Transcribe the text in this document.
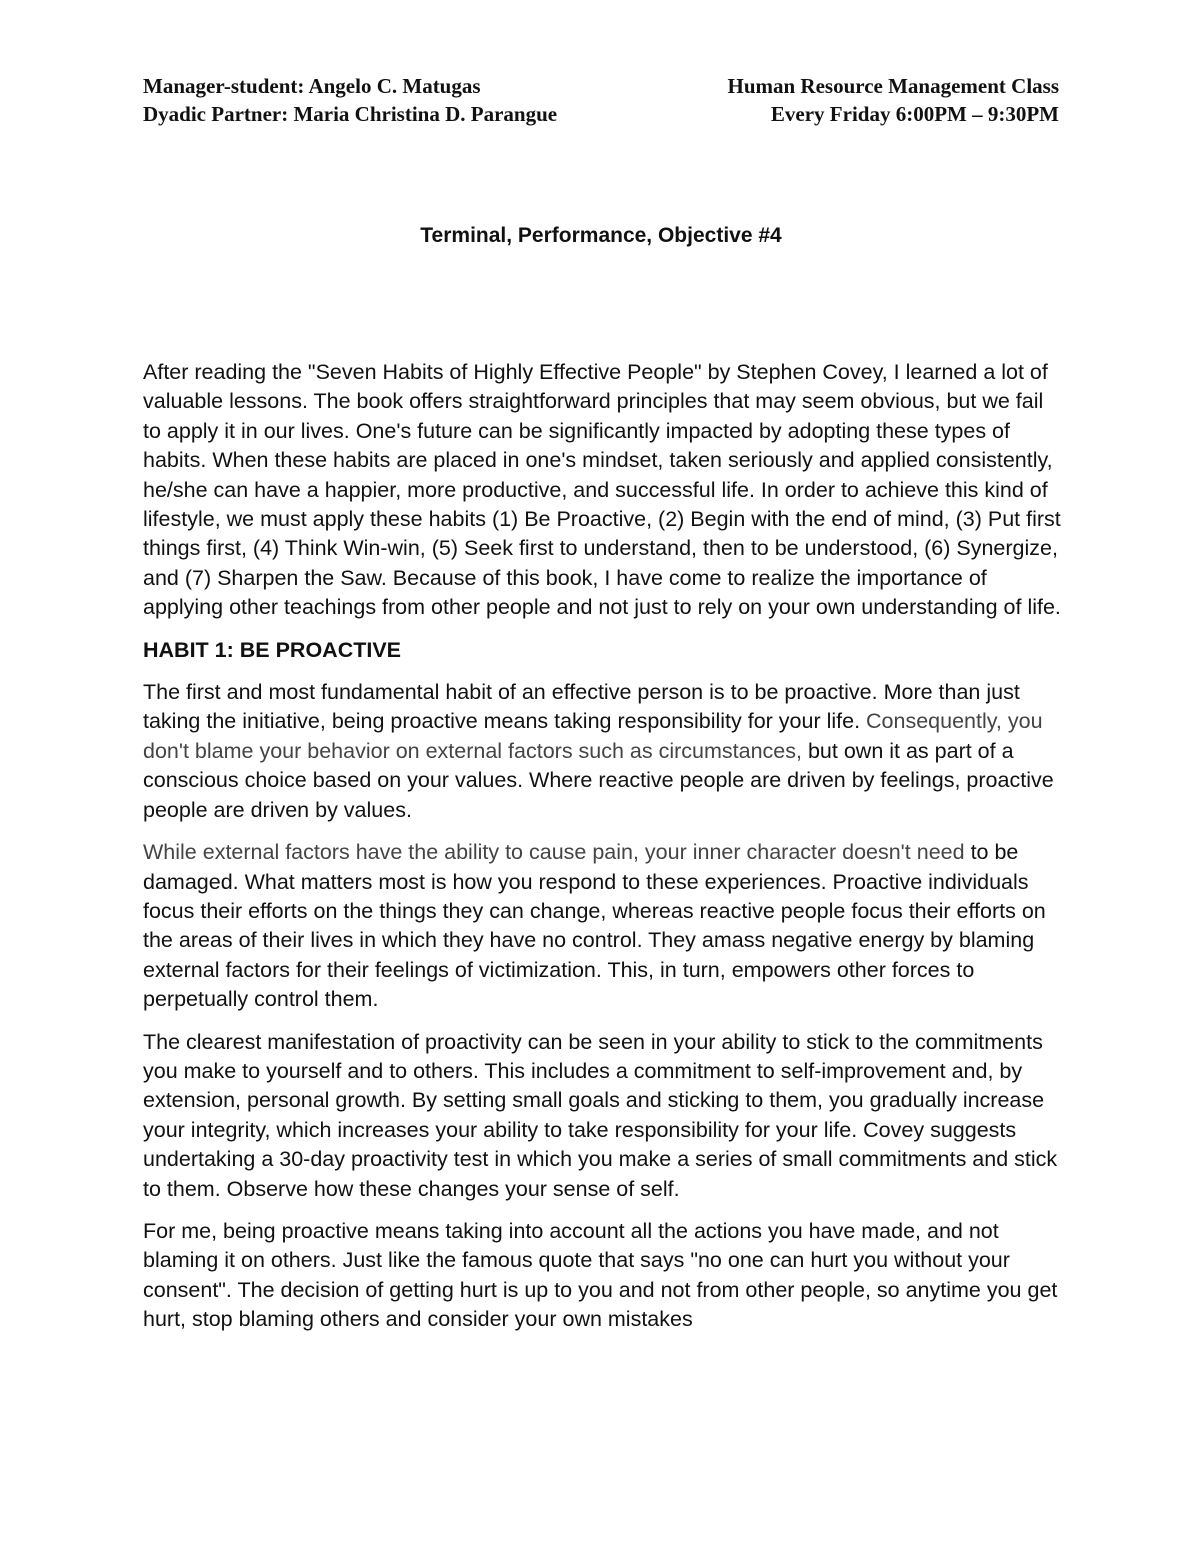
Manager-student: Angelo C. Matugas	Human Resource Management Class
Dyadic Partner: Maria Christina D. Parangue	Every Friday 6:00PM – 9:30PM
Terminal, Performance, Objective #4

After reading the "Seven Habits of Highly Effective People" by Stephen Covey, I learned a lot of valuable lessons. The book offers straightforward principles that may seem obvious, but we fail to apply it in our lives. One's future can be significantly impacted by adopting these types of habits. When these habits are placed in one's mindset, taken seriously and applied consistently, he/she can have a happier, more productive, and successful life. In order to achieve this kind of lifestyle, we must apply these habits (1) Be Proactive, (2) Begin with the end of mind, (3) Put first things first, (4) Think Win-win, (5) Seek first to understand, then to be understood, (6) Synergize, and (7) Sharpen the Saw. Because of this book, I have come to realize the importance of applying other teachings from other people and not just to rely on your own understanding of life.

HABIT 1: BE PROACTIVE

The first and most fundamental habit of an effective person is to be proactive. More than just taking the initiative, being proactive means taking responsibility for your life. Consequently, you don't blame your behavior on external factors such as circumstances, but own it as part of a conscious choice based on your values. Where reactive people are driven by feelings, proactive people are driven by values.

While external factors have the ability to cause pain, your inner character doesn't need to be damaged. What matters most is how you respond to these experiences. Proactive individuals focus their efforts on the things they can change, whereas reactive people focus their efforts on the areas of their lives in which they have no control. They amass negative energy by blaming external factors for their feelings of victimization. This, in turn, empowers other forces to perpetually control them.

The clearest manifestation of proactivity can be seen in your ability to stick to the commitments you make to yourself and to others. This includes a commitment to self-improvement and, by extension, personal growth. By setting small goals and sticking to them, you gradually increase your integrity, which increases your ability to take responsibility for your life. Covey suggests undertaking a 30-day proactivity test in which you make a series of small commitments and stick to them. Observe how these changes your sense of self.

For me, being proactive means taking into account all the actions you have made, and not blaming it on others. Just like the famous quote that says "no one can hurt you without your consent". The decision of getting hurt is up to you and not from other people, so anytime you get hurt, stop blaming others and consider your own mistakes
